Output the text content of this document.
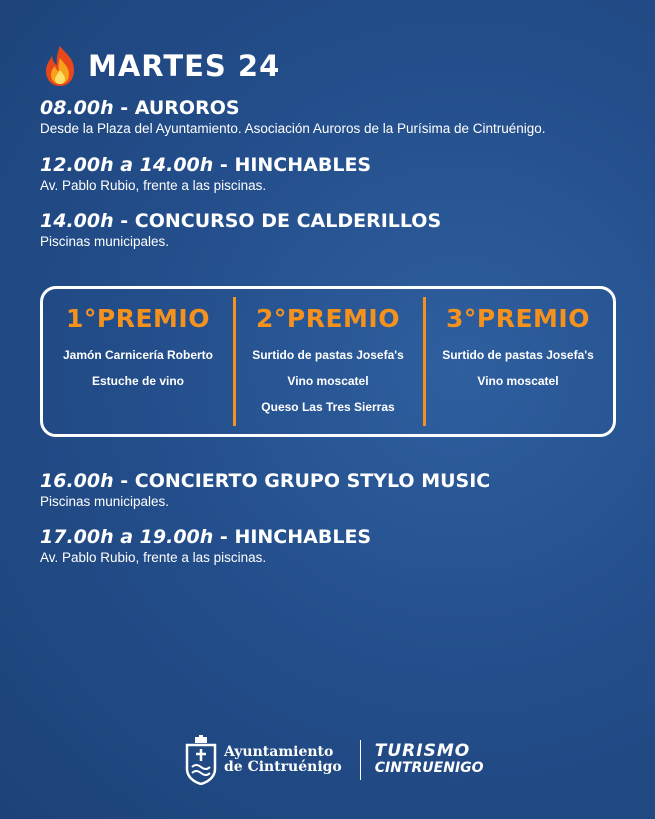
MARTES 24
08.00h - AUROROS
Desde la Plaza del Ayuntamiento. Asociación Auroros de la Purísima de Cintruénigo.
12.00h a 14.00h - HINCHABLES
Av. Pablo Rubio, frente a las piscinas.
14.00h - CONCURSO DE CALDERILLOS
Piscinas municipales.
1°PREMIO
Jamón Carnicería Roberto
Estuche de vino
2°PREMIO
Surtido de pastas Josefa's
Vino moscatel
Queso Las Tres Sierras
3°PREMIO
Surtido de pastas Josefa's
Vino moscatel
16.00h - CONCIERTO GRUPO STYLO MUSIC
Piscinas municipales.
17.00h a 19.00h - HINCHABLES
Av. Pablo Rubio, frente a las piscinas.
Ayuntamiento
de Cintruénigo
TURISMO
CINTRUENIGO
